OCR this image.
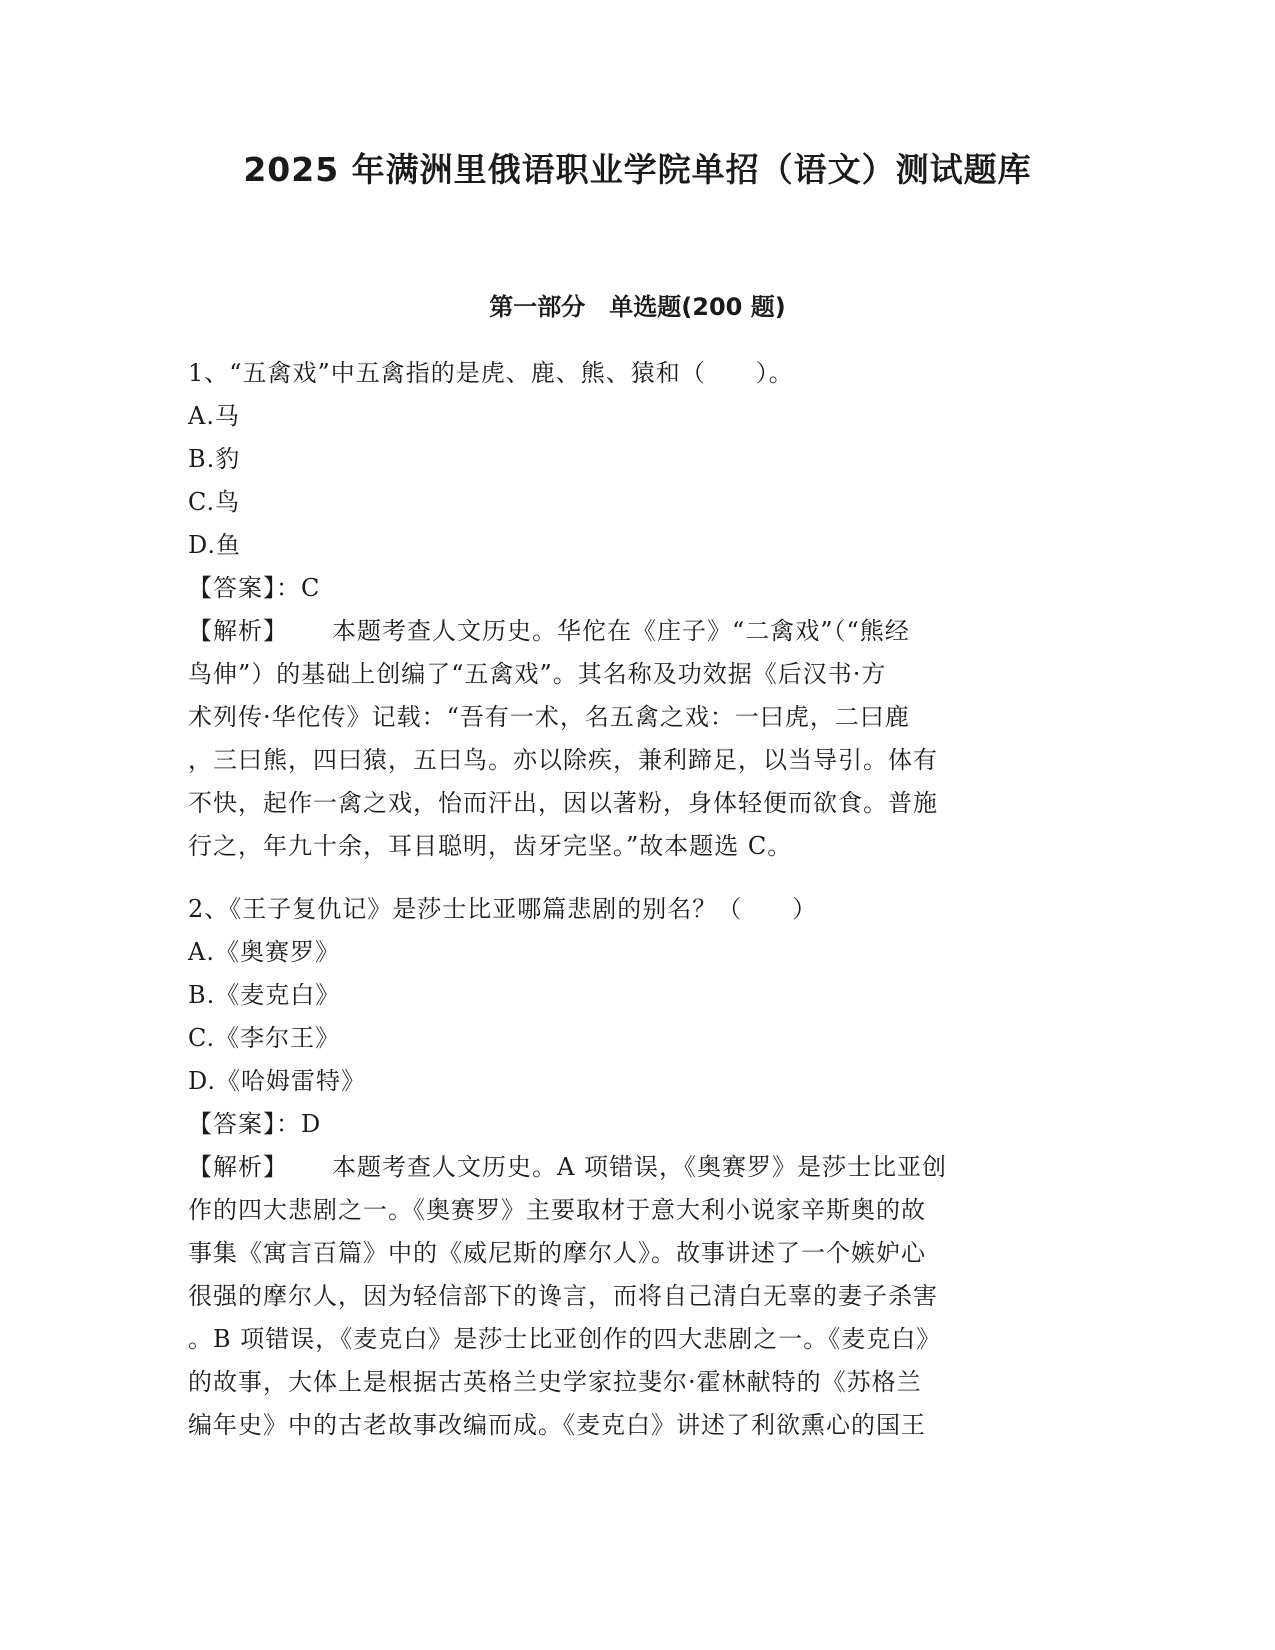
2025 年满洲里俄语职业学院单招（语文）测试题库
第一部分　单选题(200 题)
1、“五禽戏”中五禽指的是虎、鹿、熊、猿和（　　）。
A.马
B.豹
C.鸟
D.鱼
【答案】：C
【解析】 本题考查人文历史。华佗在《庄子》“二禽戏”（“熊经
鸟伸”）的基础上创编了“五禽戏”。其名称及功效据《后汉书·方
术列传·华佗传》记载：“吾有一术，名五禽之戏：一曰虎，二曰鹿
，三曰熊，四曰猿，五曰鸟。亦以除疾，兼利蹄足，以当导引。体有
不快，起作一禽之戏，怡而汗出，因以著粉，身体轻便而欲食。普施
行之，年九十余，耳目聪明，齿牙完坚。”故本题选 C。
2、《王子复仇记》是莎士比亚哪篇悲剧的别名？（　　）
A.《奥赛罗》
B.《麦克白》
C.《李尔王》
D.《哈姆雷特》
【答案】：D
【解析】 本题考查人文历史。A 项错误，《奥赛罗》是莎士比亚创
作的四大悲剧之一。《奥赛罗》主要取材于意大利小说家辛斯奥的故
事集《寓言百篇》中的《威尼斯的摩尔人》。故事讲述了一个嫉妒心
很强的摩尔人，因为轻信部下的谗言，而将自己清白无辜的妻子杀害
。B 项错误，《麦克白》是莎士比亚创作的四大悲剧之一。《麦克白》
的故事，大体上是根据古英格兰史学家拉斐尔·霍林献特的《苏格兰
编年史》中的古老故事改编而成。《麦克白》讲述了利欲熏心的国王
